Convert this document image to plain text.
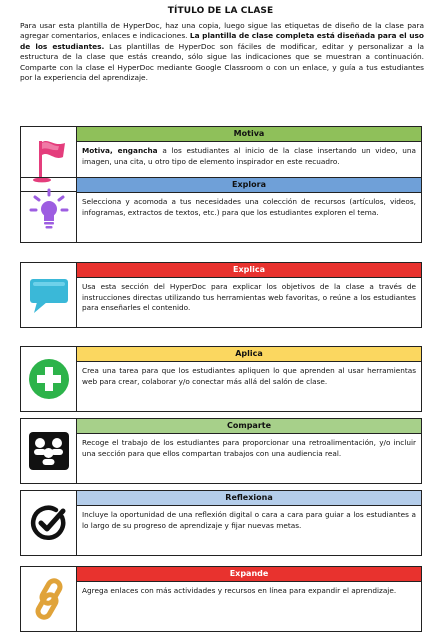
TÍTULO DE LA CLASE
Para usar esta plantilla de HyperDoc, haz una copia, luego sigue las etiquetas de diseño de la clase para agregar comentarios, enlaces e indicaciones. La plantilla de clase completa está diseñada para el uso de los estudiantes. Las plantillas de HyperDoc son fáciles de modificar, editar y personalizar a la estructura de la clase que estás creando, sólo sigue las indicaciones que se muestran a continuación. Comparte con la clase el HyperDoc mediante Google Classroom o con un enlace, y guía a tus estudiantes por la experiencia del aprendizaje.
Motiva
Motiva, engancha a los estudiantes al inicio de la clase insertando un video, una imagen, una cita, u otro tipo de elemento inspirador en este recuadro.
Explora
Selecciona y acomoda a tus necesidades una colección de recursos (artículos, videos, infogramas, extractos de textos, etc.) para que los estudiantes exploren el tema.
Explica
Usa esta sección del HyperDoc para explicar los objetivos de la clase a través de instrucciones directas utilizando tus herramientas web favoritas, o reúne a los estudiantes para enseñarles el contenido.
Aplica
Crea una tarea para que los estudiantes apliquen lo que aprenden al usar herramientas web para crear, colaborar y/o conectar más allá del salón de clase.
Comparte
Recoge el trabajo de los estudiantes para proporcionar una retroalimentación, y/o incluir una sección para que ellos compartan trabajos con una audiencia real.
Reflexiona
Incluye la oportunidad de una reflexión digital o cara a cara para guiar a los estudiantes a lo largo de su progreso de aprendizaje y fijar nuevas metas.
Expande
Agrega enlaces con más actividades y recursos en línea para expandir el aprendizaje.
